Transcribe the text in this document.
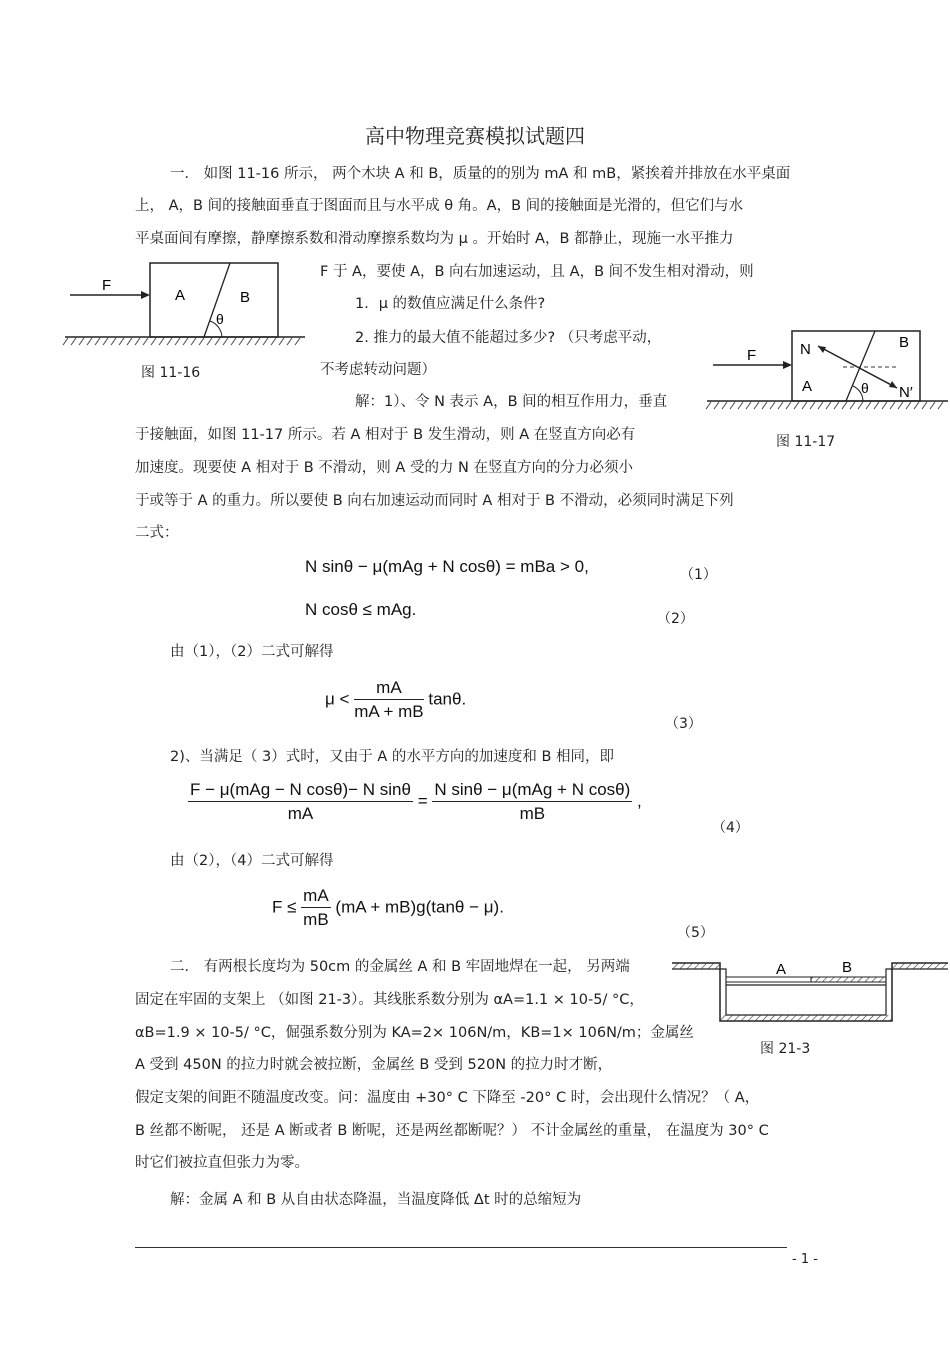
高中物理竞赛模拟试题四
一． 如图 11-16 所示， 两个木块 A 和 B，质量的的别为 mA 和 mB，紧挨着并排放在水平桌面
上， A，B 间的接触面垂直于图面而且与水平成 θ 角。A，B 间的接触面是光滑的，但它们与水
平桌面间有摩擦，静摩擦系数和滑动摩擦系数均为 μ 。开始时 A，B 都静止，现施一水平推力
F 于 A，要使 A，B 向右加速运动，且 A，B 间不发生相对滑动，则
1．μ 的数值应满足什么条件?
2. 推力的最大值不能超过多少? （只考虑平动，
不考虑转动问题）
解：1）、令 N 表示 A，B 间的相互作用力，垂直
于接触面，如图 11-17 所示。若 A 相对于 B 发生滑动，则 A 在竖直方向必有
加速度。现要使 A 相对于 B 不滑动，则 A 受的力 N 在竖直方向的分力必须小
于或等于 A 的重力。所以要使 B 向右加速运动而同时 A 相对于 B 不滑动，必须同时满足下列
二式：
F
A	B
θ
图 11-16
F	N	B
A	θ N′
图 11-17
N sinθ − μ(mAg + N cosθ) = mBa > 0,	（1）
N cosθ ≤ mAg.	（2）
由（1），（2）二式可解得
$\mu < \frac{mA}{mA + mB} \tan\theta$.
（3）
2)、当满足（ 3）式时，又由于 A 的水平方向的加速度和 B 相同，即
$\frac{\text{F − μ(mAg − N cosθ)− N sinθ}}{mA} = \frac{\text{N sinθ − μ(mAg + N cosθ)}}{mB}$ ,
（4）
由（2），（4）二式可解得
$F \le \frac{mA}{mB} (mA + mB)g(\tan\theta - \mu)$.
（5）
二． 有两根长度均为 50cm 的金属丝 A 和 B 牢固地焊在一起， 另两端
固定在牢固的支架上 （如图 21-3）。其线胀系数分别为 αA=1.1 × 10-5/ °C，
αB=1.9 × 10-5/ °C，倔强系数分别为 KA=2× 106N/m，KB=1× 106N/m；金属丝
A 受到 450N 的拉力时就会被拉断，金属丝 B 受到 520N 的拉力时才断，
假定支架的间距不随温度改变。问：温度由 +30° C 下降至 -20° C 时，会出现什么情况？（ A，
B 丝都不断呢， 还是 A 断或者 B 断呢，还是两丝都断呢？） 不计金属丝的重量， 在温度为 30° C
时它们被拉直但张力为零。
解：金属 A 和 B 从自由状态降温，当温度降低 Δt 时的总缩短为
A	B
图 21-3
- 1 -
